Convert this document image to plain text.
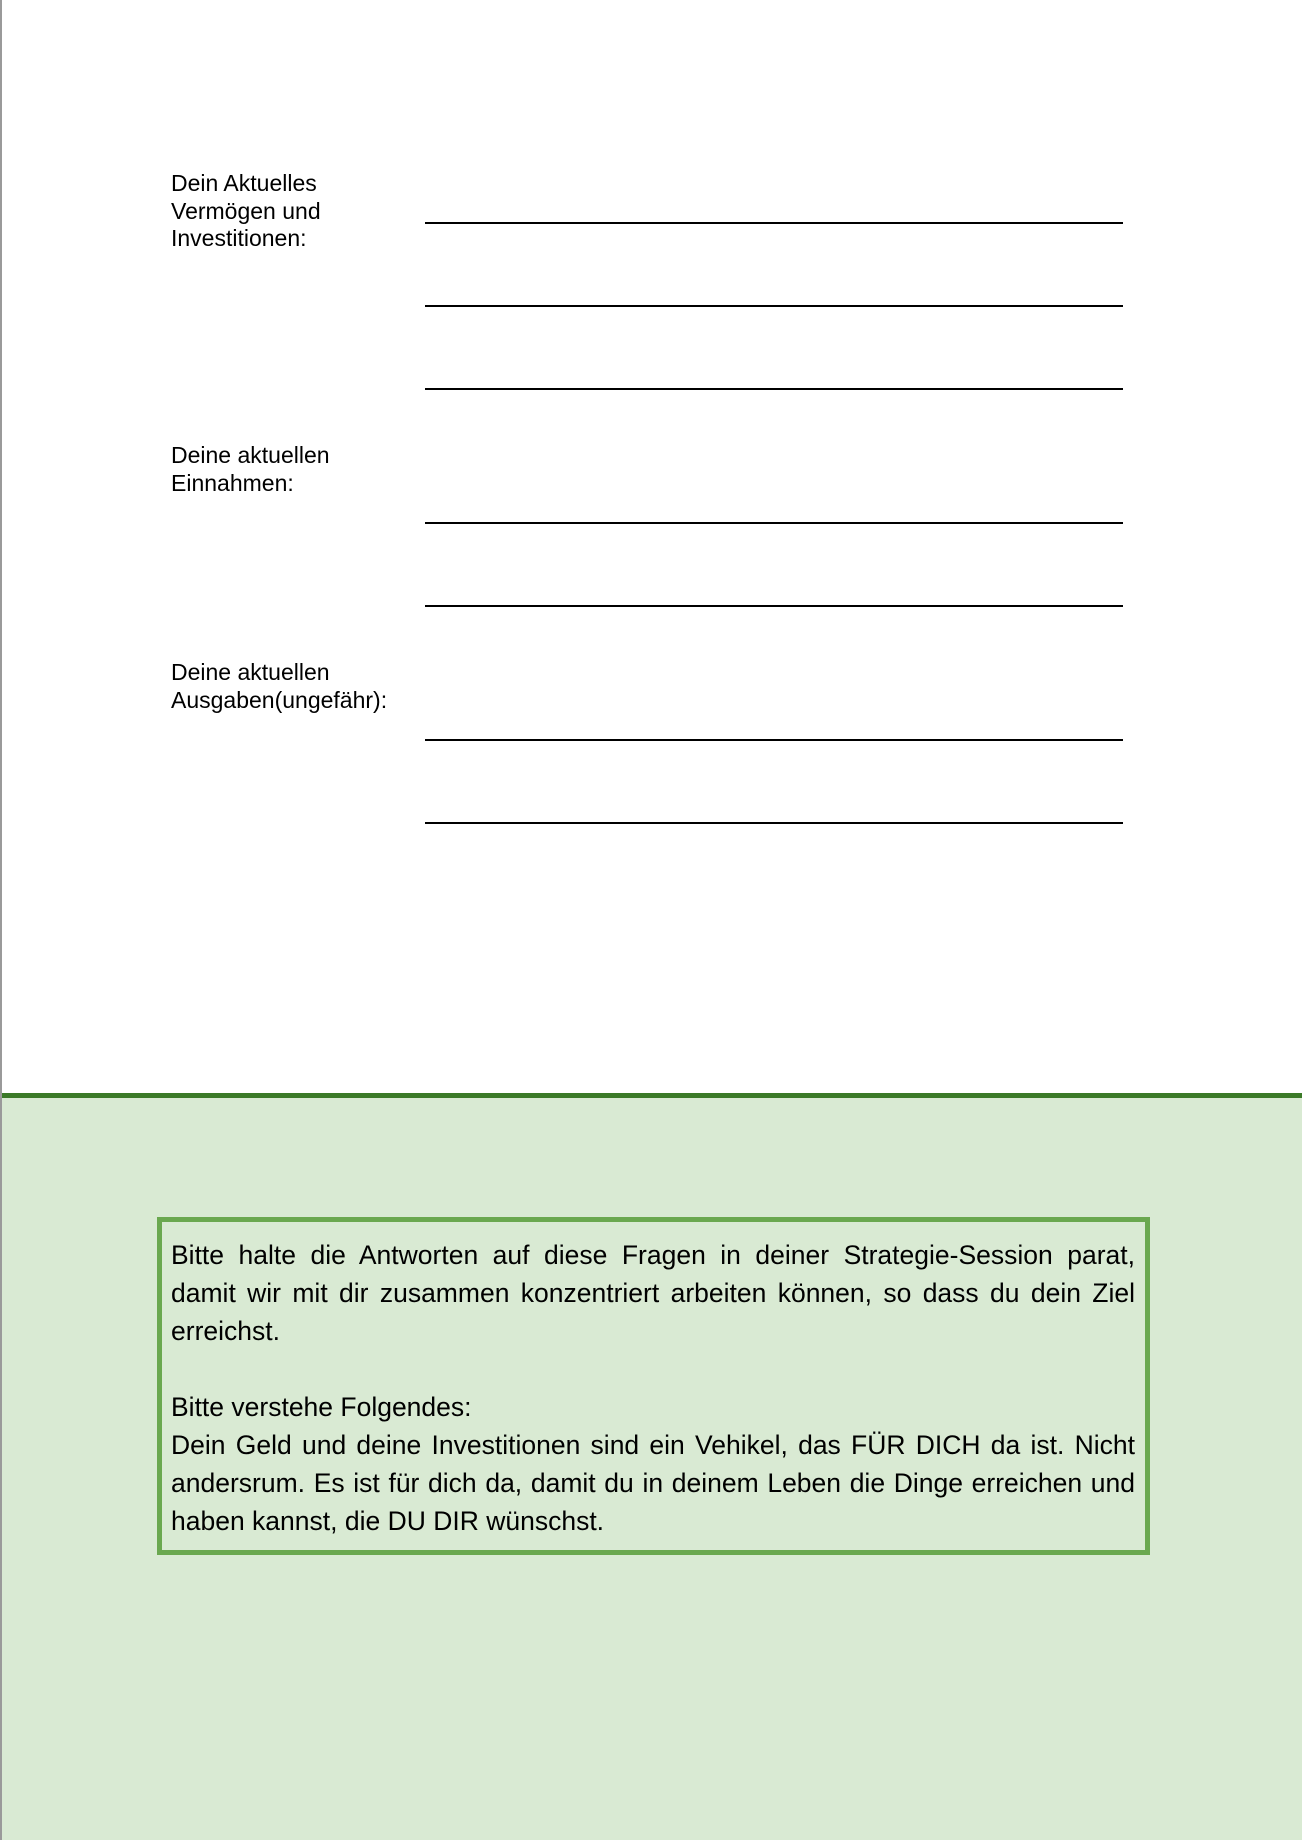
Dein Aktuelles
Vermögen und
Investitionen:
Deine aktuellen
Einnahmen:
Deine aktuellen
Ausgaben(ungefähr):

Bitte halte die Antworten auf diese Fragen in deiner Strategie-Session parat, damit wir mit dir zusammen konzentriert arbeiten können, so dass du dein Ziel erreichst.

Bitte verstehe Folgendes:

Dein Geld und deine Investitionen sind ein Vehikel, das FÜR DICH da ist. Nicht andersrum. Es ist für dich da, damit du in deinem Leben die Dinge erreichen und haben kannst, die DU DIR wünschst.
